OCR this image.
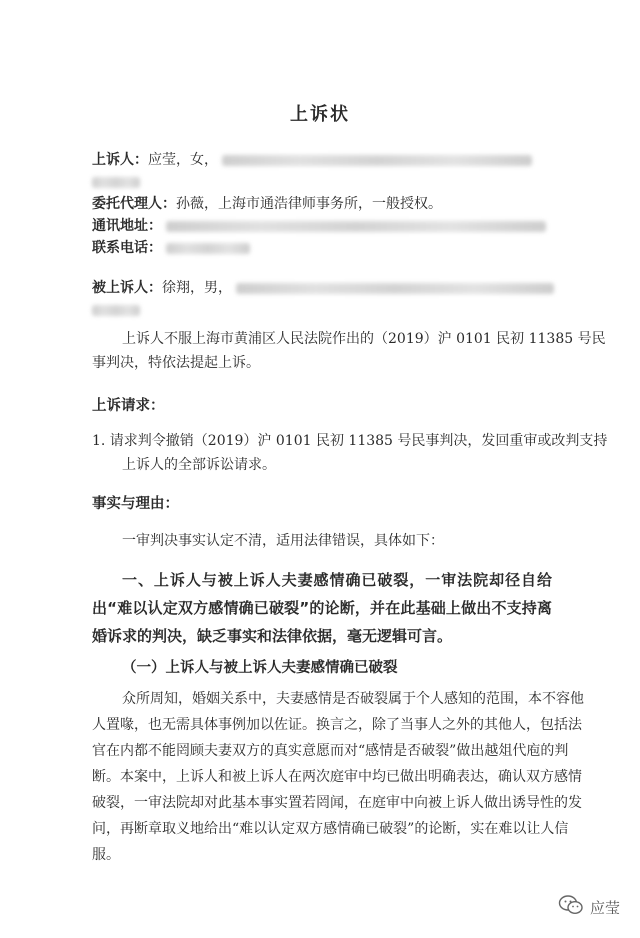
上诉状
上诉人：应莹，女，
委托代理人：孙薇，上海市通浩律师事务所，一般授权。
通讯地址：
联系电话：
被上诉人：徐翔，男，
上诉人不服上海市黄浦区人民法院作出的（2019）沪 0101 民初 11385 号民
事判决，特依法提起上诉。
上诉请求：
1. 请求判令撤销（2019）沪 0101 民初 11385 号民事判决，发回重审或改判支持
上诉人的全部诉讼请求。
事实与理由：
一审判决事实认定不清，适用法律错误，具体如下：
一、上诉人与被上诉人夫妻感情确已破裂，一审法院却径自给出“难以认定双方感情确已破裂”的论断，并在此基础上做出不支持离婚诉求的判决，缺乏事实和法律依据，毫无逻辑可言。
（一）上诉人与被上诉人夫妻感情确已破裂
众所周知，婚姻关系中，夫妻感情是否破裂属于个人感知的范围，本不容他
人置喙，也无需具体事例加以佐证。换言之，除了当事人之外的其他人，包括法
官在内都不能罔顾夫妻双方的真实意愿而对“感情是否破裂”做出越俎代庖的判
断。本案中，上诉人和被上诉人在两次庭审中均已做出明确表达，确认双方感情
破裂，一审法院却对此基本事实置若罔闻，在庭审中向被上诉人做出诱导性的发
问，再断章取义地给出“难以认定双方感情确已破裂”的论断，实在难以让人信
服。
应莹
